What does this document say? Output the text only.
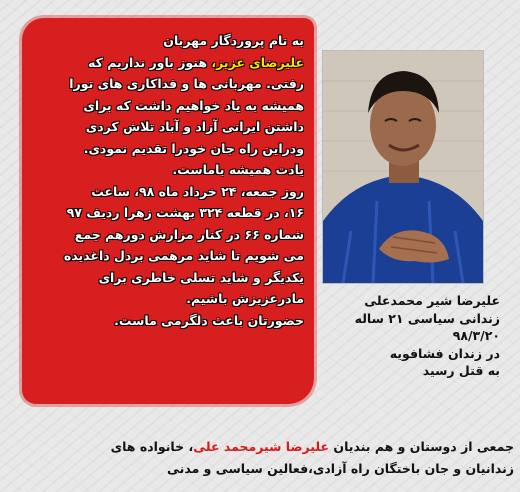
به نام پروردگار مهربان
علیرضای عزیز، هنوز باور نداریم که
رفتی. مهربانی ها و فداکاری های تورا
همیشه به یاد خواهیم داشت که برای
داشتن ایرانی آزاد و آباد تلاش کردی
ودراین راه جان خودرا تقدیم نمودی.
یادت همیشه باماست.
روز جمعه، ۲۴ خرداد ماه ۹۸، ساعت
۱۶، در قطعه ۳۲۴ بهشت زهرا ردیف ۹۷
شماره ۶۶ در کنار مزارش دورهم جمع
می شویم تا شاید مرهمی بردل داغدیده
یکدیگر و شاید تسلی خاطری برای
مادرعزیزش باشیم.
حضورتان باعث دلگرمی ماست.
علیرضا شیر محمدعلی
زندانی سیاسی ۲۱ ساله
۹۸/۳/۲۰
در زندان فشافویه
به قتل رسید
جمعی از دوستان و هم بندیان علیرضا شیرمحمد علی، خانواده های
زندانیان و جان باختگان راه آزادی،فعالین سیاسی و مدنی
